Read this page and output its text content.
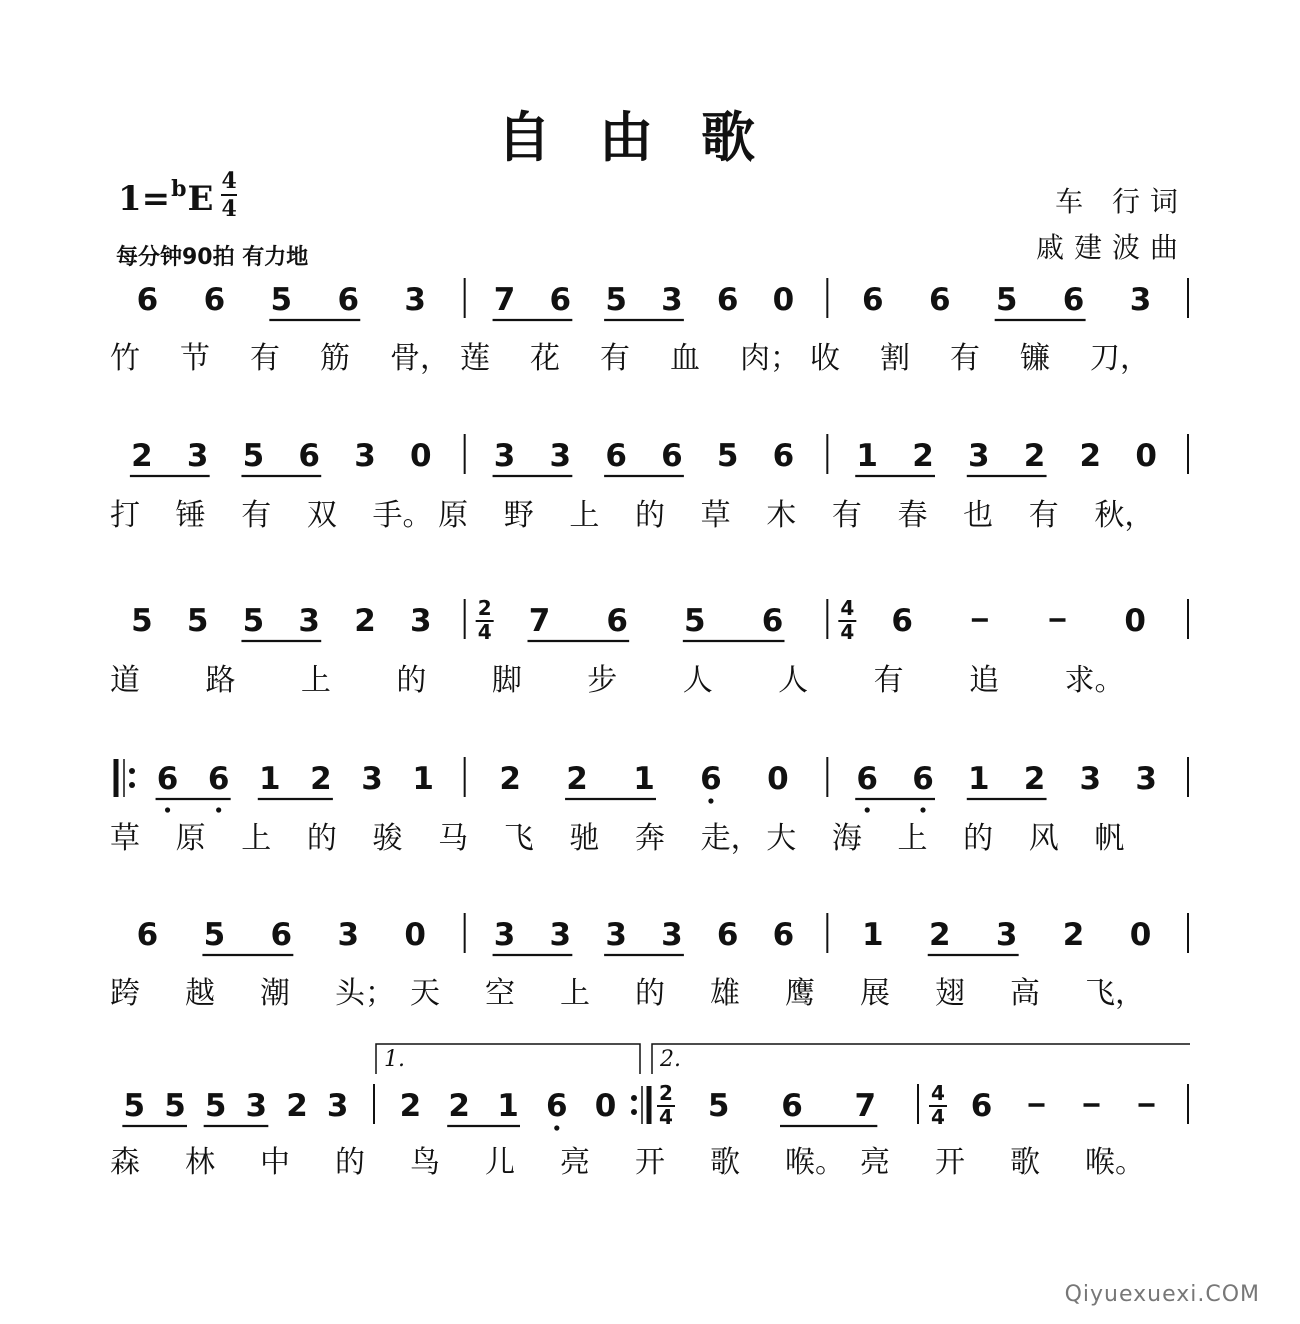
自由歌
$1=^bE \frac{4}{4}$
每分钟90拍 有力地
车 行词
戚建波曲
6 6 5 6 3 7 6 5 3 6 0 6 6 5 6 3
竹 节 有 筋 骨， 莲 花 有 血 肉； 收 割 有 镰 刀，
2 3 5 6 3 0 3 3 6 6 5 6 1 2 3 2 2 0
打 锤 有 双 手。 原 野 上 的 草 木 有 春 也 有 秋，
5 5 5 3 2 3 2
4 7 6 5 6	4
4 6	0
道 路 上 的 脚 步 人 人 有 追 求。
6 6 1 2 3 1 2 2 1 6 0 6 6 1 2 3 3
草 原 上 的 骏 马 飞 驰 奔 走， 大 海 上 的 风 帆
6 5 6 3 0 3 3 3 3 6 6 1 2 3 2 0
跨 越 潮 头； 天 空 上 的 雄 鹰 展 翅 高 飞，
5 5 5 3 2 3 2 2 1 6 0 2
4 5 6 7	4
4 6
1.	2.
森 林 中 的 鸟 儿 亮 开 歌 喉。 亮 开 歌 喉。
Qiyuexuexi.COM
